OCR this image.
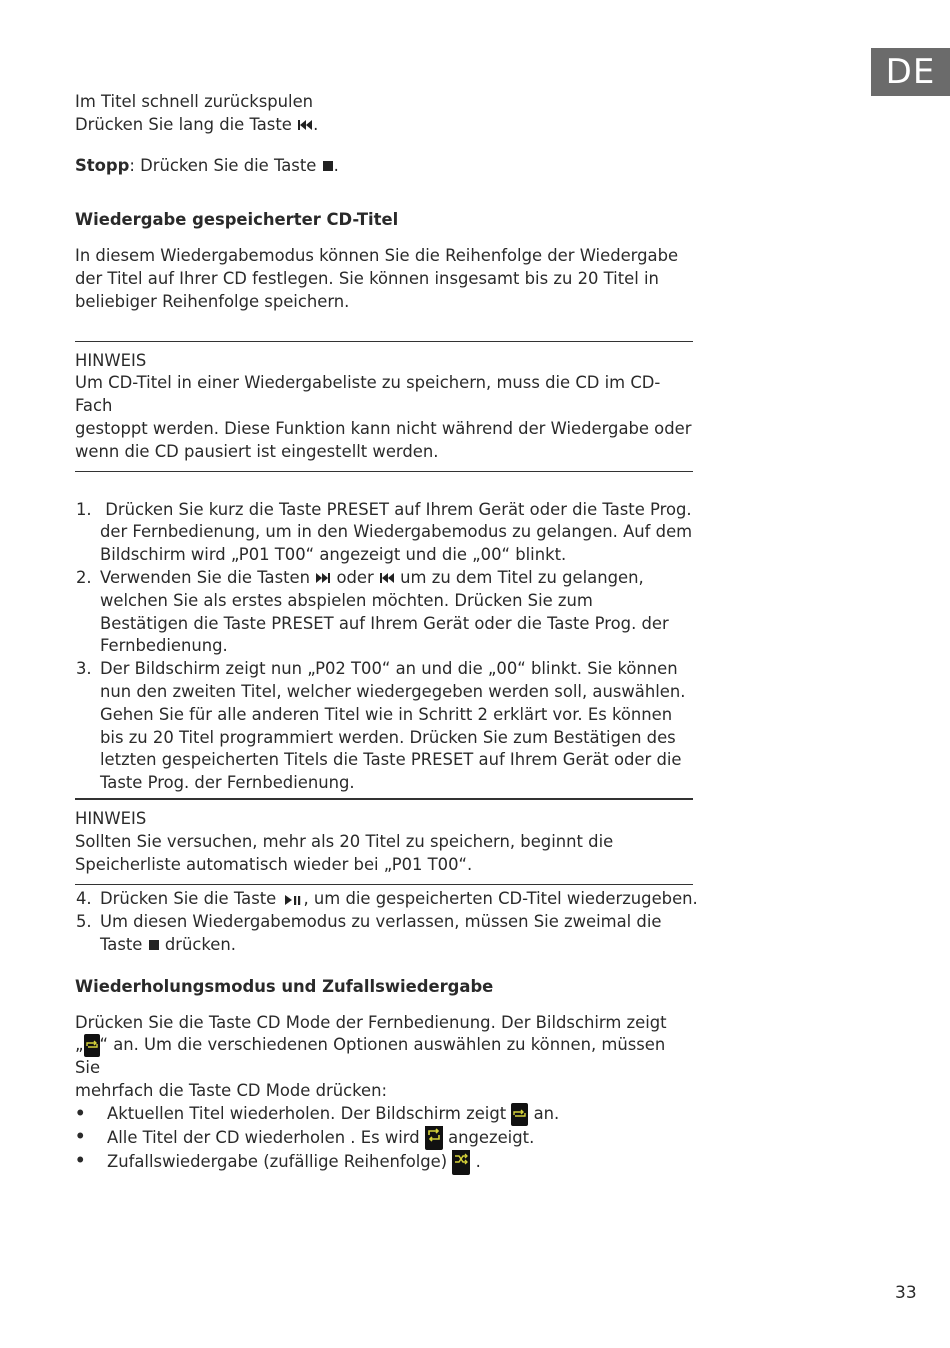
DE

Im Titel schnell zurückspulen

Drücken Sie lang die Taste .

Stopp: Drücken Sie die Taste .

Wiedergabe gespeicherter CD-Titel

In diesem Wiedergabemodus können Sie die Reihenfolge der Wiedergabe

der Titel auf Ihrer CD festlegen. Sie können insgesamt bis zu 20 Titel in

beliebiger Reihenfolge speichern.

HINWEIS

Um CD-Titel in einer Wiedergabeliste zu speichern, muss die CD im CD-Fach

gestoppt werden. Diese Funktion kann nicht während der Wiedergabe oder

wenn die CD pausiert ist eingestellt werden.

1. Drücken Sie kurz die Taste PRESET auf Ihrem Gerät oder die Taste Prog.

der Fernbedienung, um in den Wiedergabemodus zu gelangen. Auf dem

Bildschirm wird „P01 T00“ angezeigt und die „00“ blinkt.

2. Verwenden Sie die Tasten oder um zu dem Titel zu gelangen,

welchen Sie als erstes abspielen möchten. Drücken Sie zum

Bestätigen die Taste PRESET auf Ihrem Gerät oder die Taste Prog. der

Fernbedienung.

3. Der Bildschirm zeigt nun „P02 T00“ an und die „00“ blinkt. Sie können

nun den zweiten Titel, welcher wiedergegeben werden soll, auswählen.

Gehen Sie für alle anderen Titel wie in Schritt 2 erklärt vor. Es können

bis zu 20 Titel programmiert werden. Drücken Sie zum Bestätigen des

letzten gespeicherten Titels die Taste PRESET auf Ihrem Gerät oder die

Taste Prog. der Fernbedienung.

HINWEIS

Sollten Sie versuchen, mehr als 20 Titel zu speichern, beginnt die

Speicherliste automatisch wieder bei „P01 T00“.

4. Drücken Sie die Taste , um die gespeicherten CD-Titel wiederzugeben.

5. Um diesen Wiedergabemodus zu verlassen, müssen Sie zweimal die

Taste drücken.

Wiederholungsmodus und Zufallswiedergabe

Drücken Sie die Taste CD Mode der Fernbedienung. Der Bildschirm zeigt

„ “ an. Um die verschiedenen Optionen auswählen zu können, müssen Sie

mehrfach die Taste CD Mode drücken:

• Aktuellen Titel wiederholen. Der Bildschirm zeigt an.
• Alle Titel der CD wiederholen . Es wird angezeigt.
• Zufallswiedergabe (zufällige Reihenfolge) .
33
